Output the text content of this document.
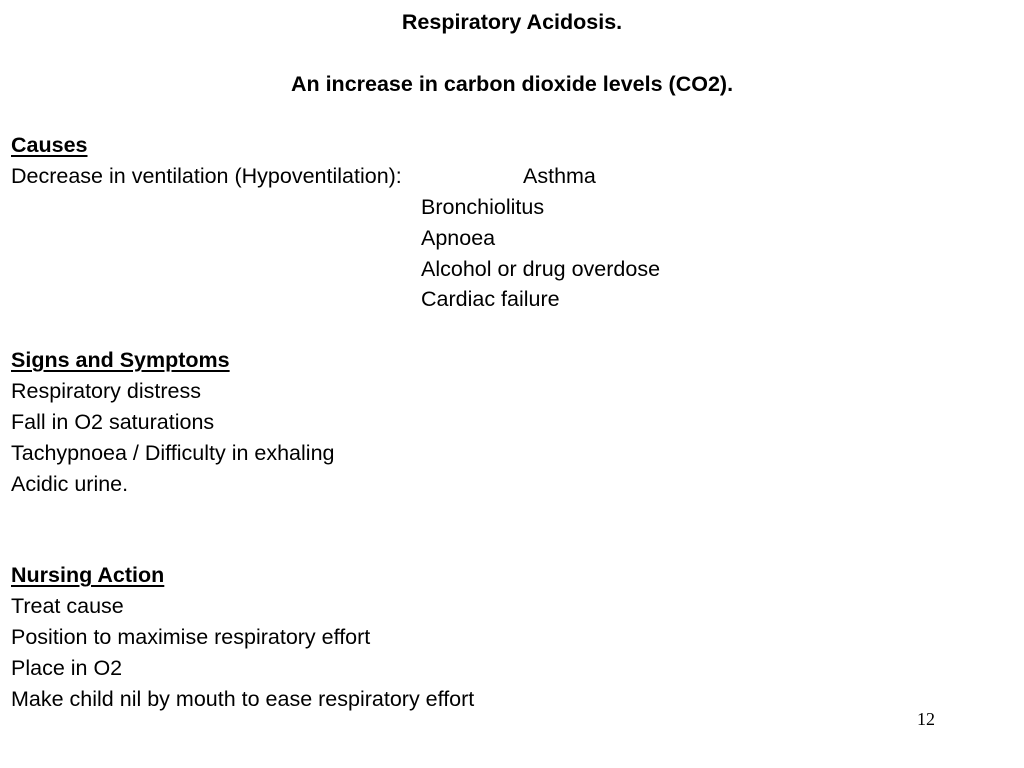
Respiratory Acidosis.
An increase in carbon dioxide levels (CO2).
Causes
Decrease in ventilation (Hypoventilation):	Asthma
Bronchiolitus
Apnoea
Alcohol or drug overdose
Cardiac failure
Signs and Symptoms
Respiratory distress
Fall in O2 saturations
Tachypnoea / Difficulty in exhaling
Acidic urine.
Nursing Action
Treat cause
Position to maximise respiratory effort
Place in O2
Make child nil by mouth to ease respiratory effort
12
